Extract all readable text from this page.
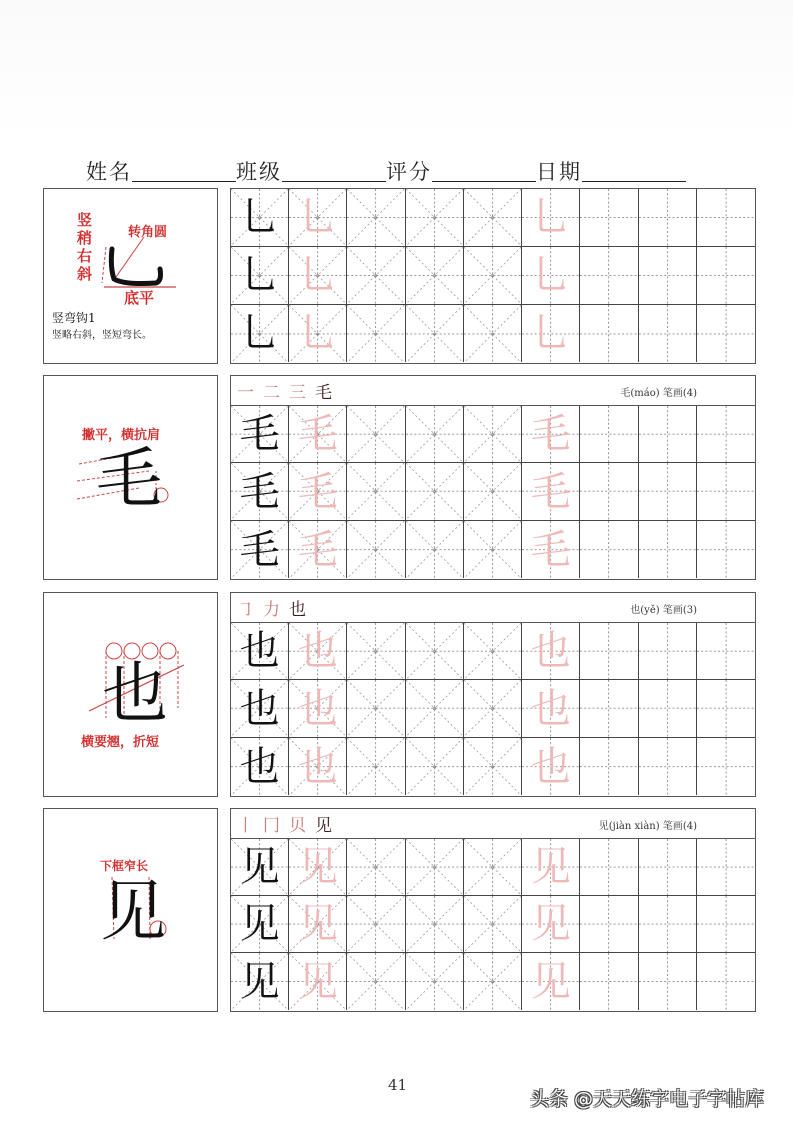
姓名	班级	评分	日期
竖稍右斜
转角圆
底平
竖弯钩1
竖略右斜，竖短弯长。
乚 乚	乚
乚 乚	乚
乚 乚	乚
撇平，横抗肩
毛
一 二 三 毛	毛(máo) 笔画(4)
毛 毛	毛
毛 毛	毛
毛 毛	毛
也
横要翘，折短
㇆ 力 也	也(yě) 笔画(3)
也 也	也
也 也	也
也 也	也
下框窄长
见
丨 冂 贝 见	见(jiàn xiàn) 笔画(4)
见 见	见
见 见	见
见 见	见
41
头条 @天天练字电子字帖库
